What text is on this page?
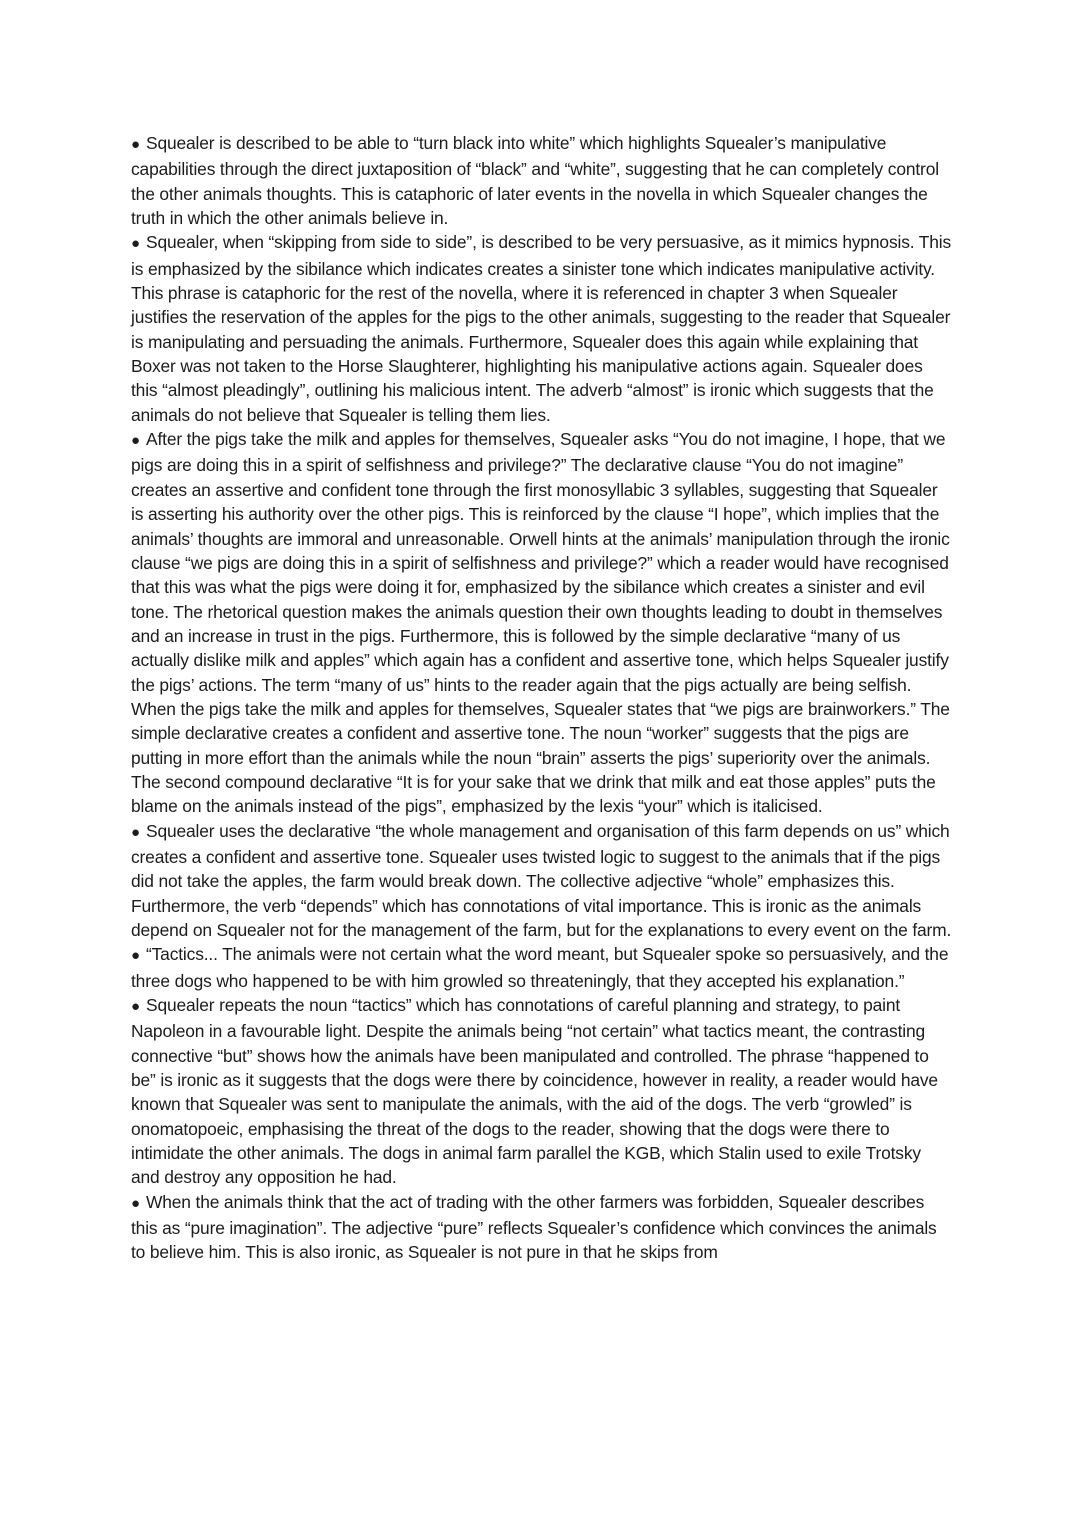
● Squealer is described to be able to “turn black into white” which highlights Squealer’s manipulative capabilities through the direct juxtaposition of “black” and “white”, suggesting that he can completely control the other animals thoughts. This is cataphoric of later events in the novella in which Squealer changes the truth in which the other animals believe in.

● Squealer, when “skipping from side to side”, is described to be very persuasive, as it mimics hypnosis. This is emphasized by the sibilance which indicates creates a sinister tone which indicates manipulative activity. This phrase is cataphoric for the rest of the novella, where it is referenced in chapter 3 when Squealer justifies the reservation of the apples for the pigs to the other animals, suggesting to the reader that Squealer is manipulating and persuading the animals. Furthermore, Squealer does this again while explaining that Boxer was not taken to the Horse Slaughterer, highlighting his manipulative actions again. Squealer does this “almost pleadingly”, outlining his malicious intent. The adverb “almost” is ironic which suggests that the animals do not believe that Squealer is telling them lies.

● After the pigs take the milk and apples for themselves, Squealer asks “You do not imagine, I hope, that we pigs are doing this in a spirit of selfishness and privilege?” The declarative clause “You do not imagine” creates an assertive and confident tone through the first monosyllabic 3 syllables, suggesting that Squealer is asserting his authority over the other pigs. This is reinforced by the clause “I hope”, which implies that the animals’ thoughts are immoral and unreasonable. Orwell hints at the animals’ manipulation through the ironic clause “we pigs are doing this in a spirit of selfishness and privilege?” which a reader would have recognised that this was what the pigs were doing it for, emphasized by the sibilance which creates a sinister and evil tone. The rhetorical question makes the animals question their own thoughts leading to doubt in themselves and an increase in trust in the pigs. Furthermore, this is followed by the simple declarative “many of us actually dislike milk and apples” which again has a confident and assertive tone, which helps Squealer justify the pigs’ actions. The term “many of us” hints to the reader again that the pigs actually are being selfish. When the pigs take the milk and apples for themselves, Squealer states that “we pigs are brainworkers.” The simple declarative creates a confident and assertive tone. The noun “worker” suggests that the pigs are putting in more effort than the animals while the noun “brain” asserts the pigs’ superiority over the animals. The second compound declarative “It is for your sake that we drink that milk and eat those apples” puts the blame on the animals instead of the pigs”, emphasized by the lexis “your” which is italicised.

● Squealer uses the declarative “the whole management and organisation of this farm depends on us” which creates a confident and assertive tone. Squealer uses twisted logic to suggest to the animals that if the pigs did not take the apples, the farm would break down. The collective adjective “whole” emphasizes this. Furthermore, the verb “depends” which has connotations of vital importance. This is ironic as the animals depend on Squealer not for the management of the farm, but for the explanations to every event on the farm.

● “Tactics... The animals were not certain what the word meant, but Squealer spoke so persuasively, and the three dogs who happened to be with him growled so threateningly, that they accepted his explanation.”

● Squealer repeats the noun “tactics” which has connotations of careful planning and strategy, to paint Napoleon in a favourable light. Despite the animals being “not certain” what tactics meant, the contrasting connective “but” shows how the animals have been manipulated and controlled. The phrase “happened to be” is ironic as it suggests that the dogs were there by coincidence, however in reality, a reader would have known that Squealer was sent to manipulate the animals, with the aid of the dogs. The verb “growled” is onomatopoeic, emphasising the threat of the dogs to the reader, showing that the dogs were there to intimidate the other animals. The dogs in animal farm parallel the KGB, which Stalin used to exile Trotsky and destroy any opposition he had.

● When the animals think that the act of trading with the other farmers was forbidden, Squealer describes this as “pure imagination”. The adjective “pure” reflects Squealer’s confidence which convinces the animals to believe him. This is also ironic, as Squealer is not pure in that he skips from
